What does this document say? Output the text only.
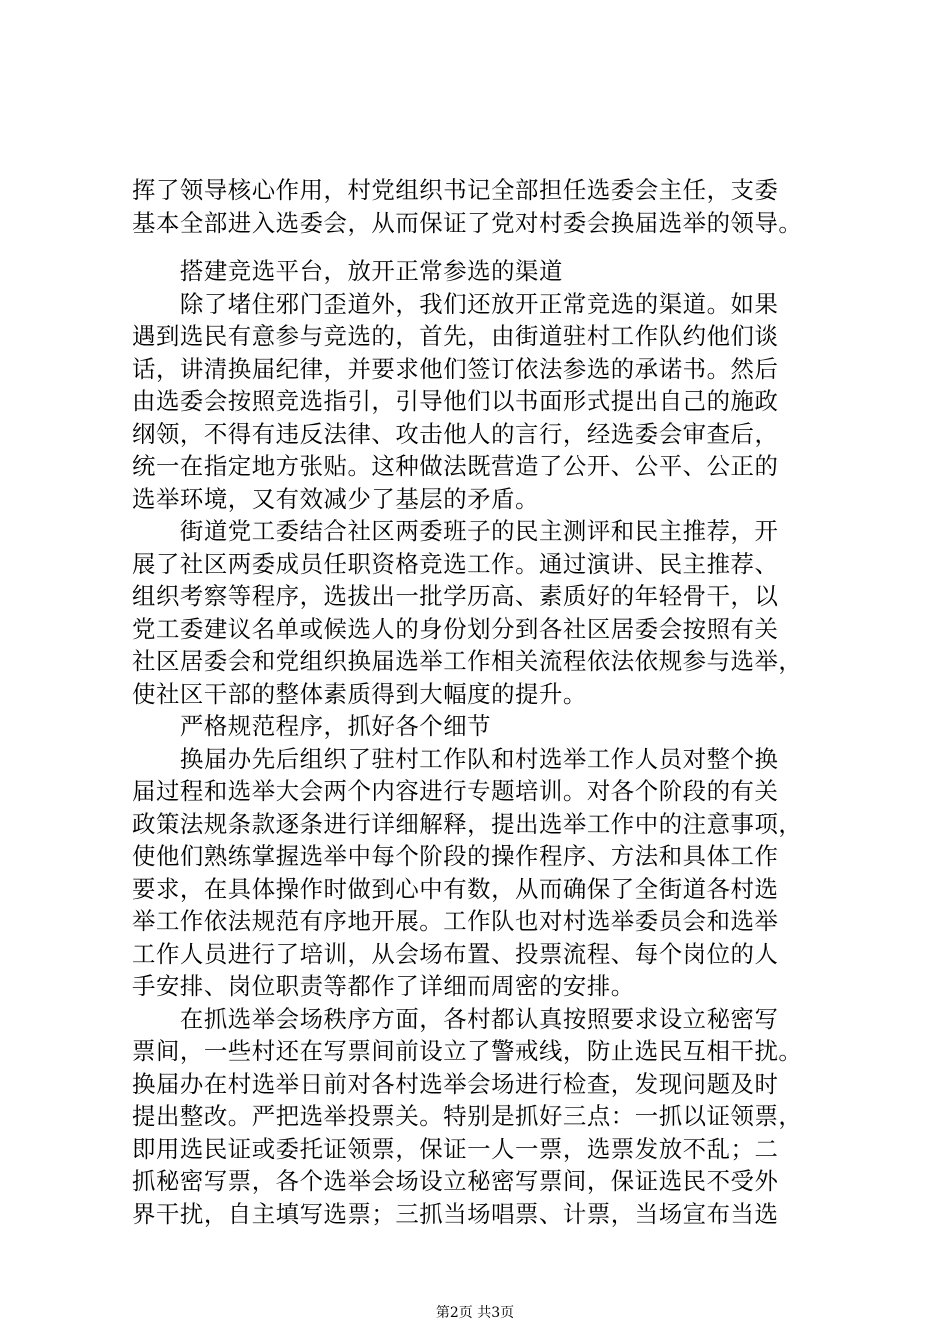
挥了领导核心作用，村党组织书记全部担任选委会主任，支委
基本全部进入选委会，从而保证了党对村委会换届选举的领导。
　　搭建竞选平台，放开正常参选的渠道
　　除了堵住邪门歪道外，我们还放开正常竞选的渠道。如果
遇到选民有意参与竞选的，首先，由街道驻村工作队约他们谈
话，讲清换届纪律，并要求他们签订依法参选的承诺书。然后
由选委会按照竞选指引，引导他们以书面形式提出自己的施政
纲领，不得有违反法律、攻击他人的言行，经选委会审查后，
统一在指定地方张贴。这种做法既营造了公开、公平、公正的
选举环境，又有效减少了基层的矛盾。
　　街道党工委结合社区两委班子的民主测评和民主推荐，开
展了社区两委成员任职资格竞选工作。通过演讲、民主推荐、
组织考察等程序，选拔出一批学历高、素质好的年轻骨干，以
党工委建议名单或候选人的身份划分到各社区居委会按照有关
社区居委会和党组织换届选举工作相关流程依法依规参与选举，
使社区干部的整体素质得到大幅度的提升。
　　严格规范程序，抓好各个细节
　　换届办先后组织了驻村工作队和村选举工作人员对整个换
届过程和选举大会两个内容进行专题培训。对各个阶段的有关
政策法规条款逐条进行详细解释，提出选举工作中的注意事项，
使他们熟练掌握选举中每个阶段的操作程序、方法和具体工作
要求，在具体操作时做到心中有数，从而确保了全街道各村选
举工作依法规范有序地开展。工作队也对村选举委员会和选举
工作人员进行了培训，从会场布置、投票流程、每个岗位的人
手安排、岗位职责等都作了详细而周密的安排。
　　在抓选举会场秩序方面，各村都认真按照要求设立秘密写
票间，一些村还在写票间前设立了警戒线，防止选民互相干扰。
换届办在村选举日前对各村选举会场进行检查，发现问题及时
提出整改。严把选举投票关。特别是抓好三点：一抓以证领票，
即用选民证或委托证领票，保证一人一票，选票发放不乱；二
抓秘密写票，各个选举会场设立秘密写票间，保证选民不受外
界干扰，自主填写选票；三抓当场唱票、计票，当场宣布当选
第2页 共3页
